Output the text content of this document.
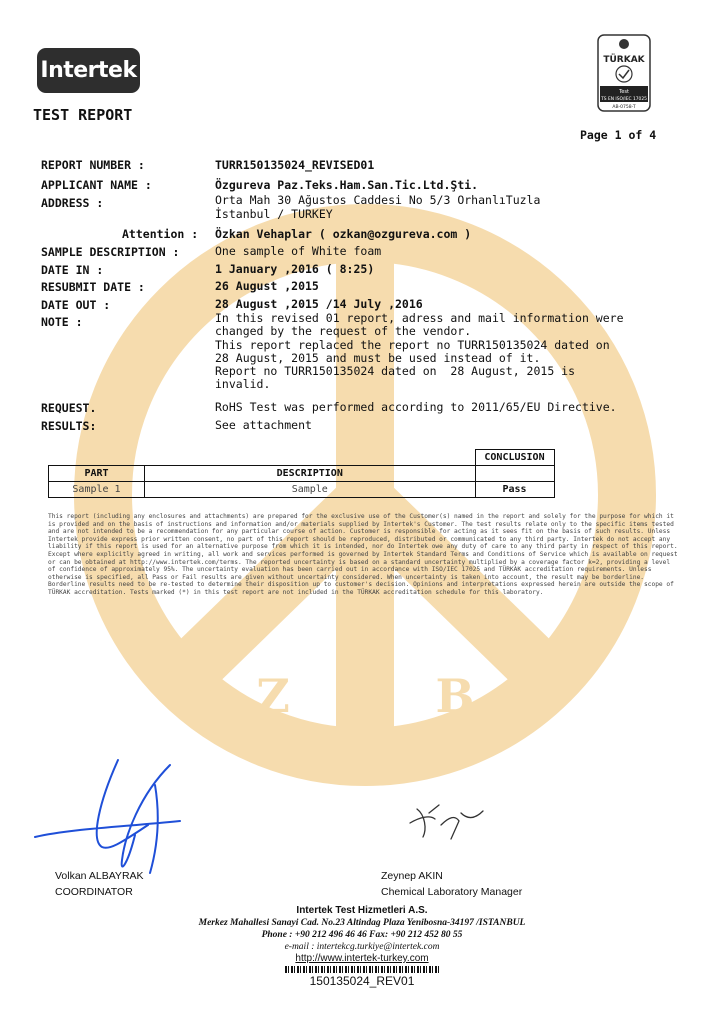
Z	B
Intertek
TEST REPORT
TÜRKAK
Test
TS EN ISO/IEC 17025
AB-0758-T
Page 1 of 4
REPORT NUMBER :	TURR150135024_REVISED01
APPLICANT NAME :	Özgureva Paz.Teks.Ham.San.Tic.Ltd.Şti.
ADDRESS :	Orta Mah 30 Ağustos Caddesi No 5/3 OrhanlıTuzla
İstanbul / TURKEY
Attention : Özkan Vehaplar ( ozkan@ozgureva.com )
SAMPLE DESCRIPTION :	One sample of White foam
DATE IN :	1 January ,2016 ( 8:25)
RESUBMIT DATE :	26 August ,2015
DATE OUT :	28 August ,2015 /14 July ,2016
NOTE :	In this revised 01 report, adress and mail information were
changed by the request of the vendor.
This report replaced the report no TURR150135024 dated on
28 August, 2015 and must be used instead of it.
Report no TURR150135024 dated on  28 August, 2015 is
invalid.
REQUEST.	RoHS Test was performed according to 2011/65/EU Directive.
RESULTS:	See attachment
		CONCLUSION
PART	DESCRIPTION	
Sample 1	Sample	Pass
This report (including any enclosures and attachments) are prepared for the exclusive use of the Customer(s) named in the report and solely for the purpose for which it is provided and on the basis of instructions and information and/or materials supplied by Intertek's Customer. The test results relate only to the specific items tested and are not intended to be a recommendation for any particular course of action. Customer is responsible for acting as it sees fit on the basis of such results. Unless Intertek provide express prior written consent, no part of this report should be reproduced, distributed or communicated to any third party. Intertek do not accept any liability if this report is used for an alternative purpose from which it is intended, nor do Intertek owe any duty of care to any third party in respect of this report. Except where explicitly agreed in writing, all work and services performed is governed by Intertek Standard Terms and Conditions of Service which is available on request or can be obtained at http://www.intertek.com/terms. The reported uncertainty is based on a standard uncertainty multiplied by a coverage factor k=2, providing a level of confidence of approximately 95%. The uncertainty evaluation has been carried out in accordance with ISO/IEC 17025 and TÜRKAK accreditation requirements. Unless otherwise is specified, all Pass or Fail results are given without uncertainty considered. When uncertainty is taken into account, the result may be borderline. Borderline results need to be re-tested to determine their disposition up to customer's decision. Opinions and interpretations expressed herein are outside the scope of TÜRKAK accreditation. Tests marked (*) in this test report are not included in the TÜRKAK accreditation schedule for this laboratory.
Volkan ALBAYRAK
COORDINATOR
Zeynep AKIN
Chemical Laboratory Manager
Intertek Test Hizmetleri A.S.
Merkez Mahallesi Sanayi Cad. No.23 Altindag Plaza Yenibosna-34197 /ISTANBUL
Phone : +90 212 496 46 46 Fax: +90 212 452 80 55
e-mail : intertekcg.turkiye@intertek.com
http://www.intertek-turkey.com
150135024_REV01
